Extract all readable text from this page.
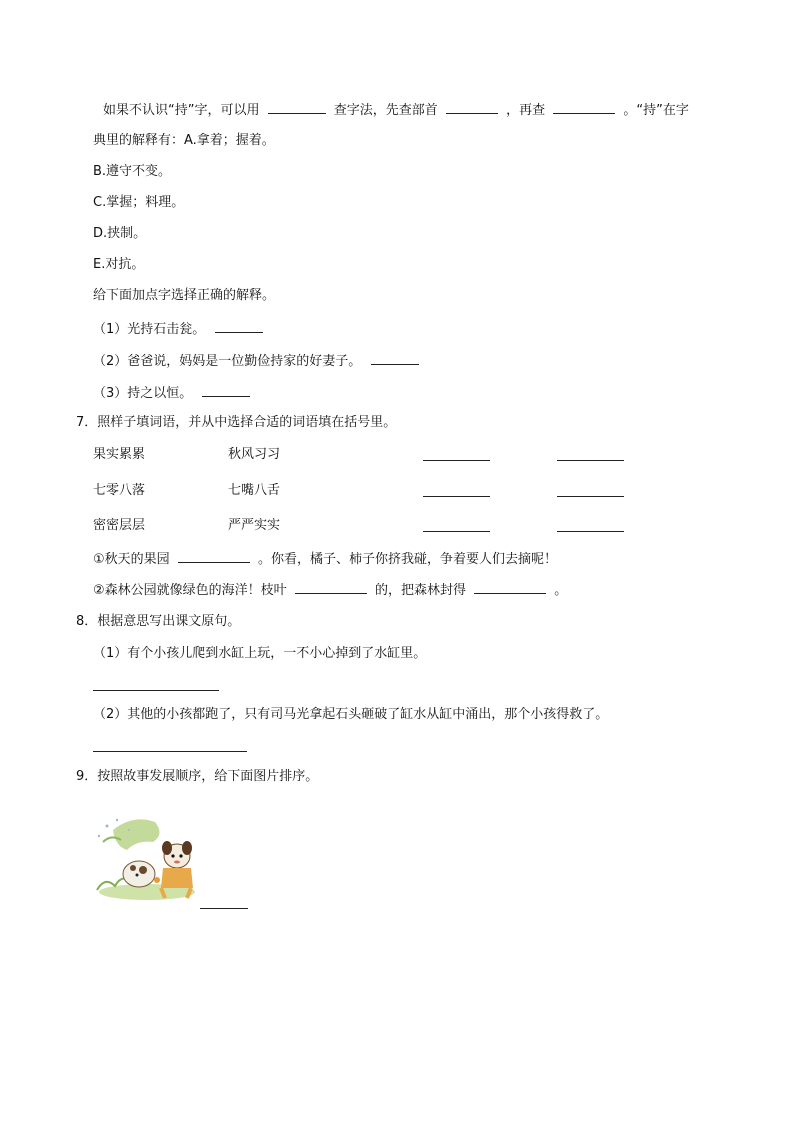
如果不认识“持”字，可以用	查字法，先查部首	，再查	。“持”在字
典里的解释有：A.拿着；握着。
B.遵守不变。
C.掌握；料理。
D.挟制。
E.对抗。
给下面加点字选择正确的解释。
（1）光持石击瓮。
（2）爸爸说，妈妈是一位勤俭持家的好妻子。
（3）持之以恒。
7．照样子填词语，并从中选择合适的词语填在括号里。
果实累累	秋风习习
七零八落	七嘴八舌
密密层层	严严实实
①秋天的果园	。你看，橘子、柿子你挤我碰，争着要人们去摘呢！
②森林公园就像绿色的海洋！枝叶	的，把森林封得	。
8．根据意思写出课文原句。
（1）有个小孩儿爬到水缸上玩，一不小心掉到了水缸里。
（2）其他的小孩都跑了，只有司马光拿起石头砸破了缸水从缸中涌出，那个小孩得救了。
9．按照故事发展顺序，给下面图片排序。
